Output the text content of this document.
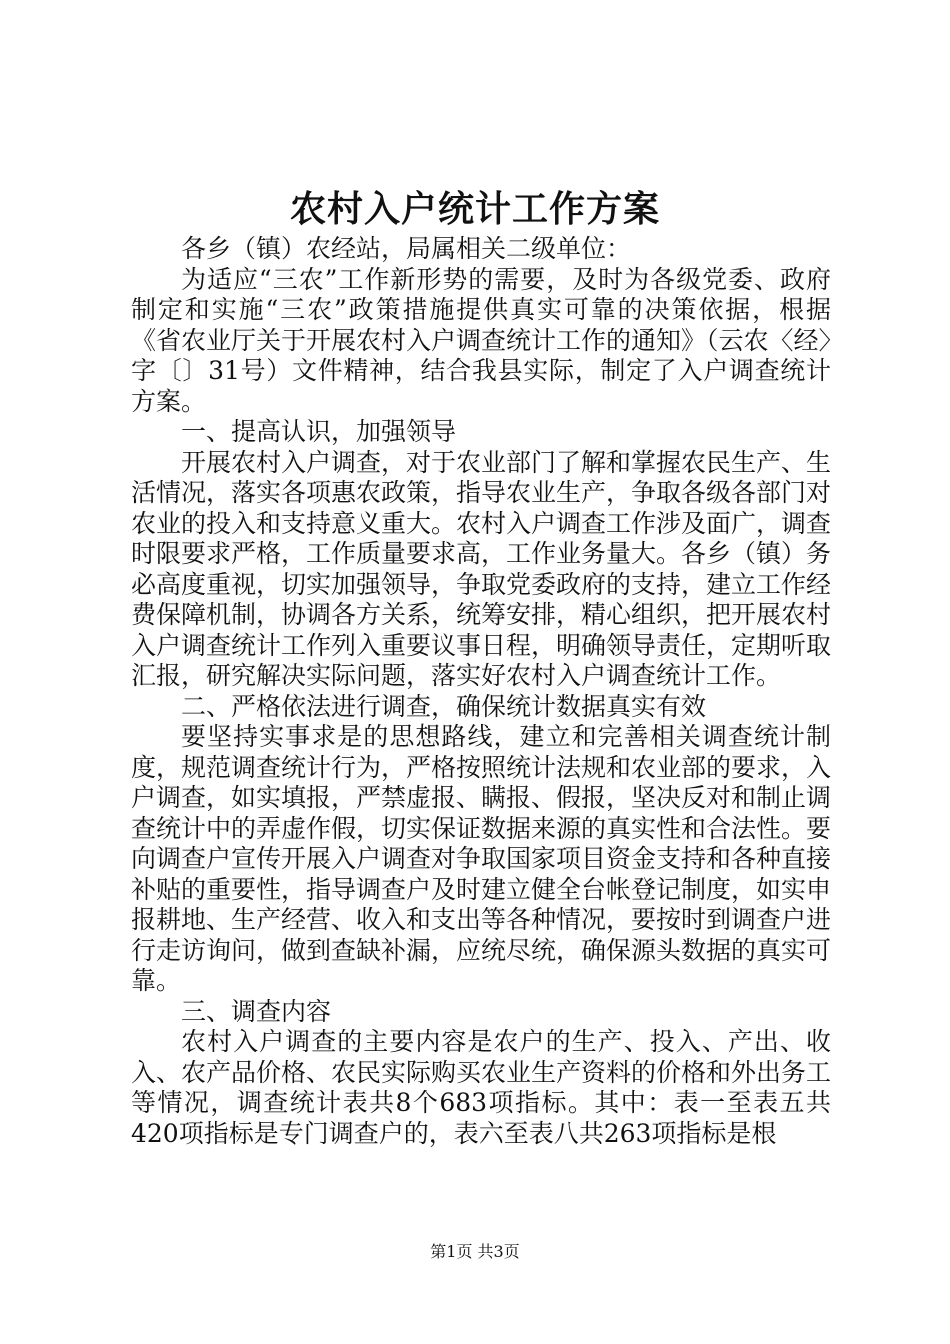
农村入户统计工作方案

各乡（镇）农经站，局属相关二级单位：

为适应“三农”工作新形势的需要，及时为各级党委、政府制定和实施“三农”政策措施提供真实可靠的决策依据，根据《省农业厅关于开展农村入户调查统计工作的通知》（云农〈经〉字〔〕31号）文件精神，结合我县实际，制定了入户调查统计方案。

一、提高认识，加强领导

开展农村入户调查，对于农业部门了解和掌握农民生产、生活情况，落实各项惠农政策，指导农业生产，争取各级各部门对农业的投入和支持意义重大。农村入户调查工作涉及面广，调查时限要求严格，工作质量要求高，工作业务量大。各乡（镇）务必高度重视，切实加强领导，争取党委政府的支持，建立工作经费保障机制，协调各方关系，统筹安排，精心组织，把开展农村入户调查统计工作列入重要议事日程，明确领导责任，定期听取汇报，研究解决实际问题，落实好农村入户调查统计工作。

二、严格依法进行调查，确保统计数据真实有效

要坚持实事求是的思想路线，建立和完善相关调查统计制度，规范调查统计行为，严格按照统计法规和农业部的要求，入户调查，如实填报，严禁虚报、瞒报、假报，坚决反对和制止调查统计中的弄虚作假，切实保证数据来源的真实性和合法性。要向调查户宣传开展入户调查对争取国家项目资金支持和各种直接补贴的重要性，指导调查户及时建立健全台帐登记制度，如实申报耕地、生产经营、收入和支出等各种情况，要按时到调查户进行走访询问，做到查缺补漏，应统尽统，确保源头数据的真实可靠。

三、调查内容

农村入户调查的主要内容是农户的生产、投入、产出、收入、农产品价格、农民实际购买农业生产资料的价格和外出务工等情况，调查统计表共8个683项指标。其中：表一至表五共420项指标是专门调查户的，表六至表八共263项指标是根

第1页 共3页
